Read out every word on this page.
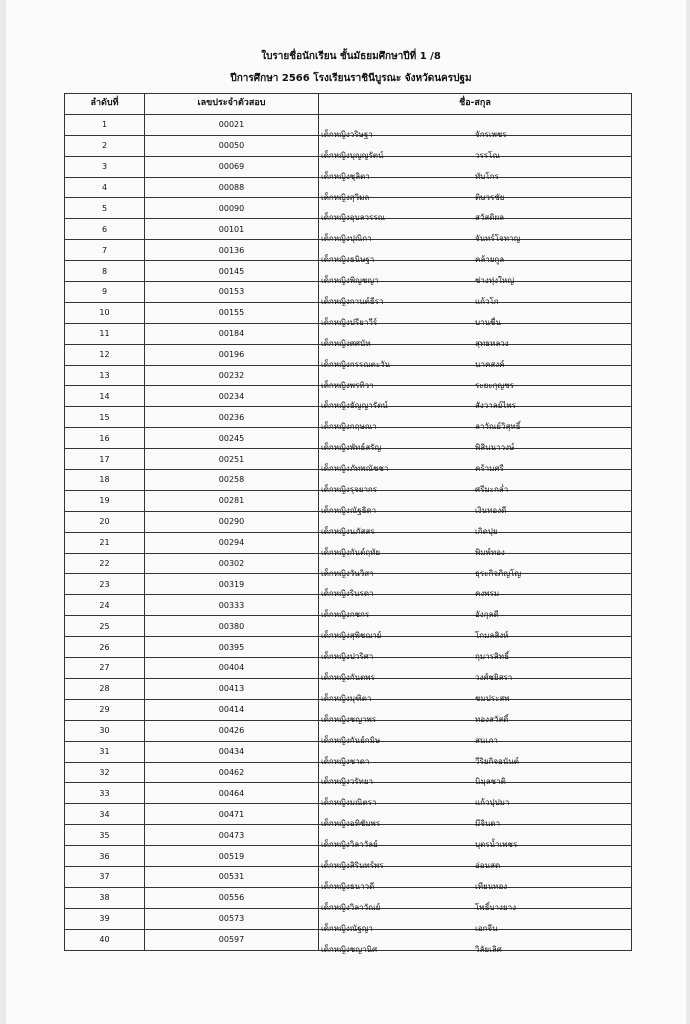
ใบรายชื่อนักเรียน ชั้นมัธยมศึกษาปีที่ 1 /8
ปีการศึกษา 2566 โรงเรียนราชินีบูรณะ จังหวัดนครปฐม
ลำดับที่	เลขประจำตัวสอบ	ชื่อ-สกุล
1	00021	เด็กหญิงวริษฐา จักรเพชร

2	00050	เด็กหญิงบุญญรัตน์ วรรโณ

3	00069	เด็กหญิงชุลิตา ทับโกร

4	00088	เด็กหญิงสุวิมล ติษวรชัย

5	00090	เด็กหญิงอุบลวรรณ สวัสดิผล

6	00101	เด็กหญิงปุณิกา จันทร์โจทาญ

7	00136	เด็กหญิงธนิษฐา คล้ายกูล

8	00145	เด็กหญิงพิญชญา ช่างทุ่งใหญ่

9	00153	เด็กหญิงกานต์ธีรา แก้วโก

10	00155	เด็กหญิงปรียาวีร์ บานชื่น

11	00184	เด็กหญิงศศนัท สุทธหลวง

12	00196	เด็กหญิงกรรณตะวัน นาคสงค์

13	00232	เด็กหญิงพรทิวา ระยะกุญชร

14	00234	เด็กหญิงธัญญารัตน์ สังวาลย์ไพร

15	00236	เด็กหญิงกฤษณา ลาวัณย์วิสุทธิ์

16	00245	เด็กหญิงพัทธ์สรัญ พิสินนาวงษ์

17	00251	เด็กหญิงภัทพณัชชา คร้ามศรี

18	00258	เด็กหญิงรุจยากร ศรีมะกล่ำ

19	00281	เด็กหญิงณัฐธิดา เงินทองดี

20	00290	เด็กหญิงนภัสสร เกิดปุย

21	00294	เด็กหญิงกันต์ฤทัย พิมพ์ทอง

22	00302	เด็กหญิงวันวิสา ธุระกิจภิญโญ

23	00319	เด็กหญิงรินรดา คงพรม

24	00333	เด็กหญิงกชกร อังกุลดี

25	00380	เด็กหญิงสุพิชฌาย์ โกมลสิงห์

26	00395	เด็กหญิงปวริศา กุมารสิทธิ์

27	00404	เด็กหญิงกันตพร วงศ์ชยิสรา

28	00413	เด็กหญิงมุฑิตา ชมประสพ

29	00414	เด็กหญิงชญาพร ทองสวัสดิ์

30	00426	เด็กหญิงกันย์กมิษ สนเภา

31	00434	เด็กหญิงชาดา วีริยกิจอนันต์

32	00462	เด็กหญิงวรัทยา นิมุลชาติ

33	00464	เด็กหญิงมณิตรา แก้วปุปมา

34	00471	เด็กหญิงอทิชัมพร มีจินดา

35	00473	เด็กหญิงวิลาวัลย์ บุตรน้ำเพชร

36	00519	เด็กหญิงสิรินทร์พร อ่อนสด

37	00531	เด็กหญิงธนาวดี เทียนทอง

38	00556	เด็กหญิงวิลาวัณย์ โพธิ์บางยาง

39	00573	เด็กหญิงณัฐญา เอกจีน

40	00597	เด็กหญิงชญานิศ วิลัยเลิศ
